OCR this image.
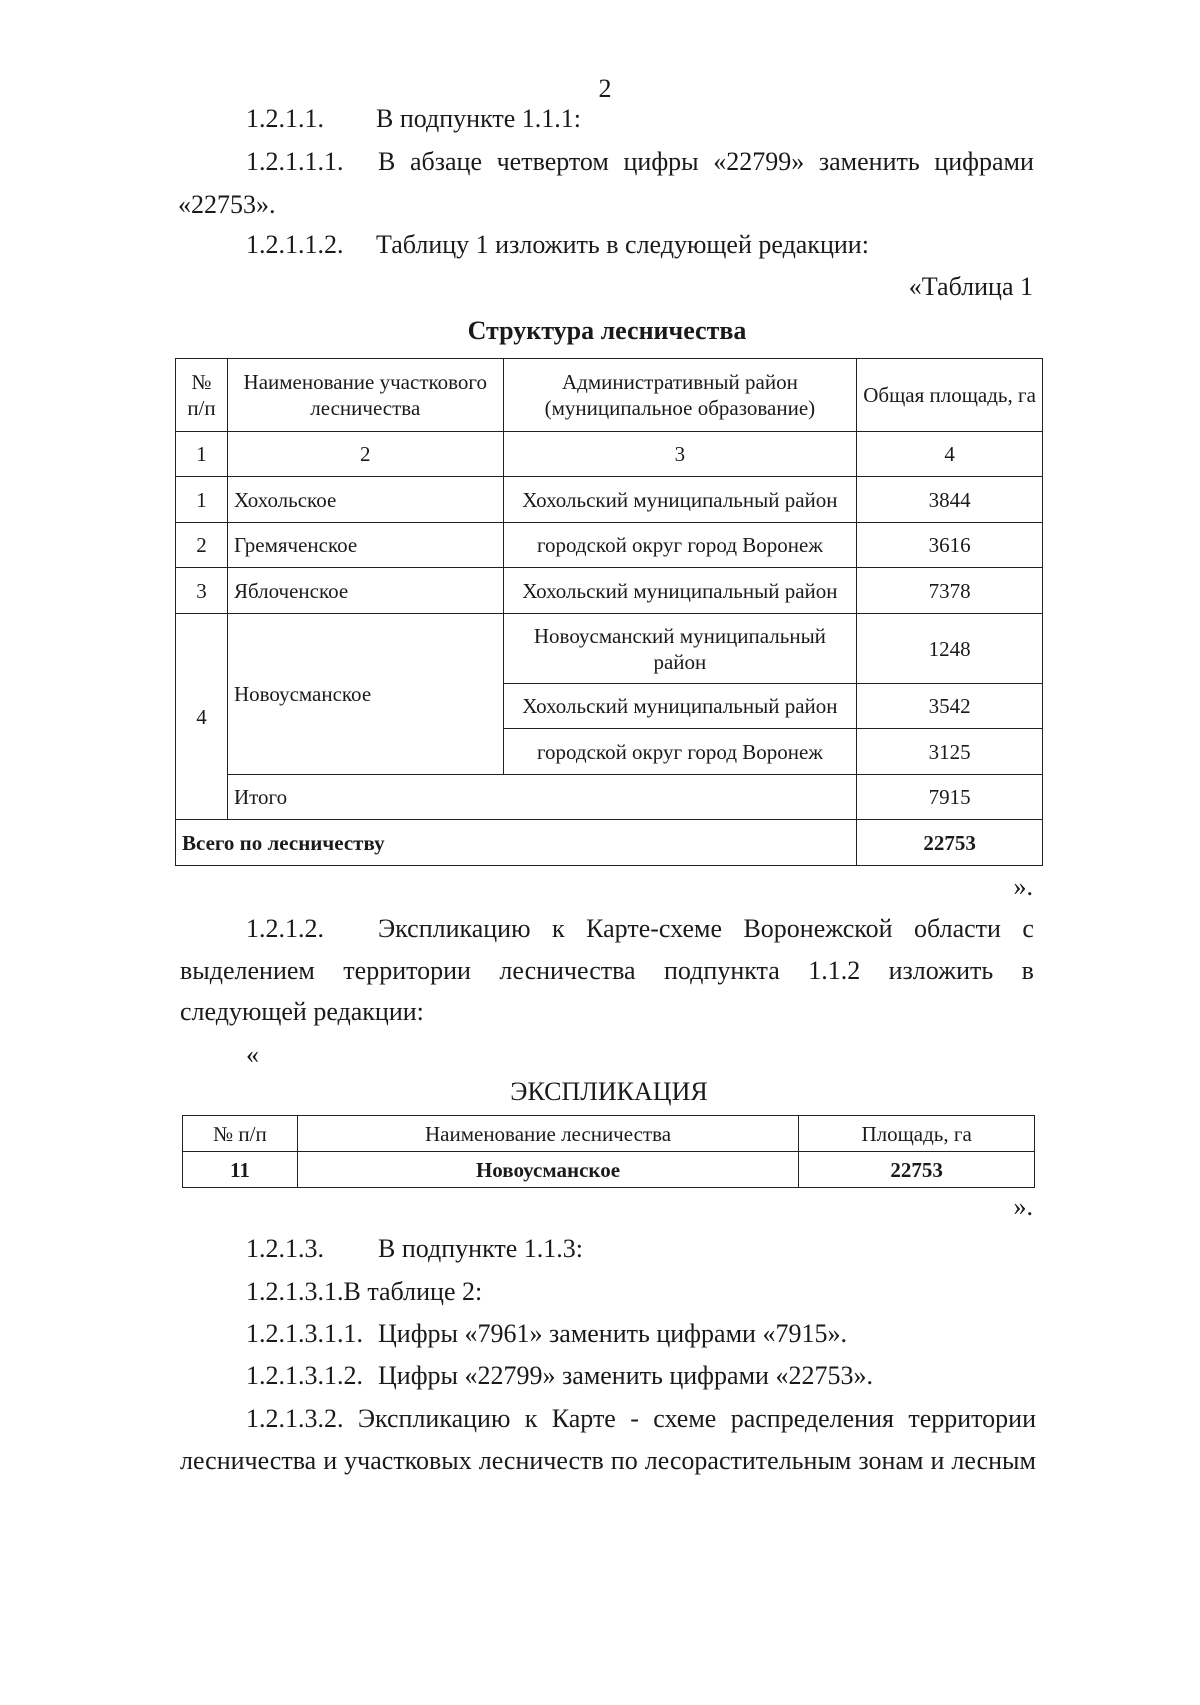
2
1.2.1.1. В подпункте 1.1.1:
1.2.1.1.1. В абзаце четвертом цифры «22799» заменить цифрами
«22753».
1.2.1.1.2. Таблицу 1 изложить в следующей редакции:
«Таблица 1
Структура лесничества
№ п/п	Наименование участкового лесничества	Административный район (муниципальное образование)	Общая площадь, га
1	2	3	4
1	Хохольское	Хохольский муниципальный район	3844
2	Гремяченское	городской округ город Воронеж	3616
3	Яблоченское	Хохольский муниципальный район	7378
4	Новоусманское	Новоусманский муниципальный район	1248
		Хохольский муниципальный район	3542
		городской округ город Воронеж	3125
	Итого		7915
Всего по лесничеству			22753
».
1.2.1.2. Экспликацию к Карте-схеме Воронежской области с
выделением территории лесничества подпункта 1.1.2 изложить в
следующей редакции:
«
ЭКСПЛИКАЦИЯ
№ п/п	Наименование лесничества	Площадь, га
11	Новоусманское	22753
».
1.2.1.3. В подпункте 1.1.3:
1.2.1.3.1.В таблице 2:
1.2.1.3.1.1. Цифры «7961» заменить цифрами «7915».
1.2.1.3.1.2. Цифры «22799» заменить цифрами «22753».
1.2.1.3.2. Экспликацию к Карте - схеме распределения территории
лесничества и участковых лесничеств по лесорастительным зонам и лесным
